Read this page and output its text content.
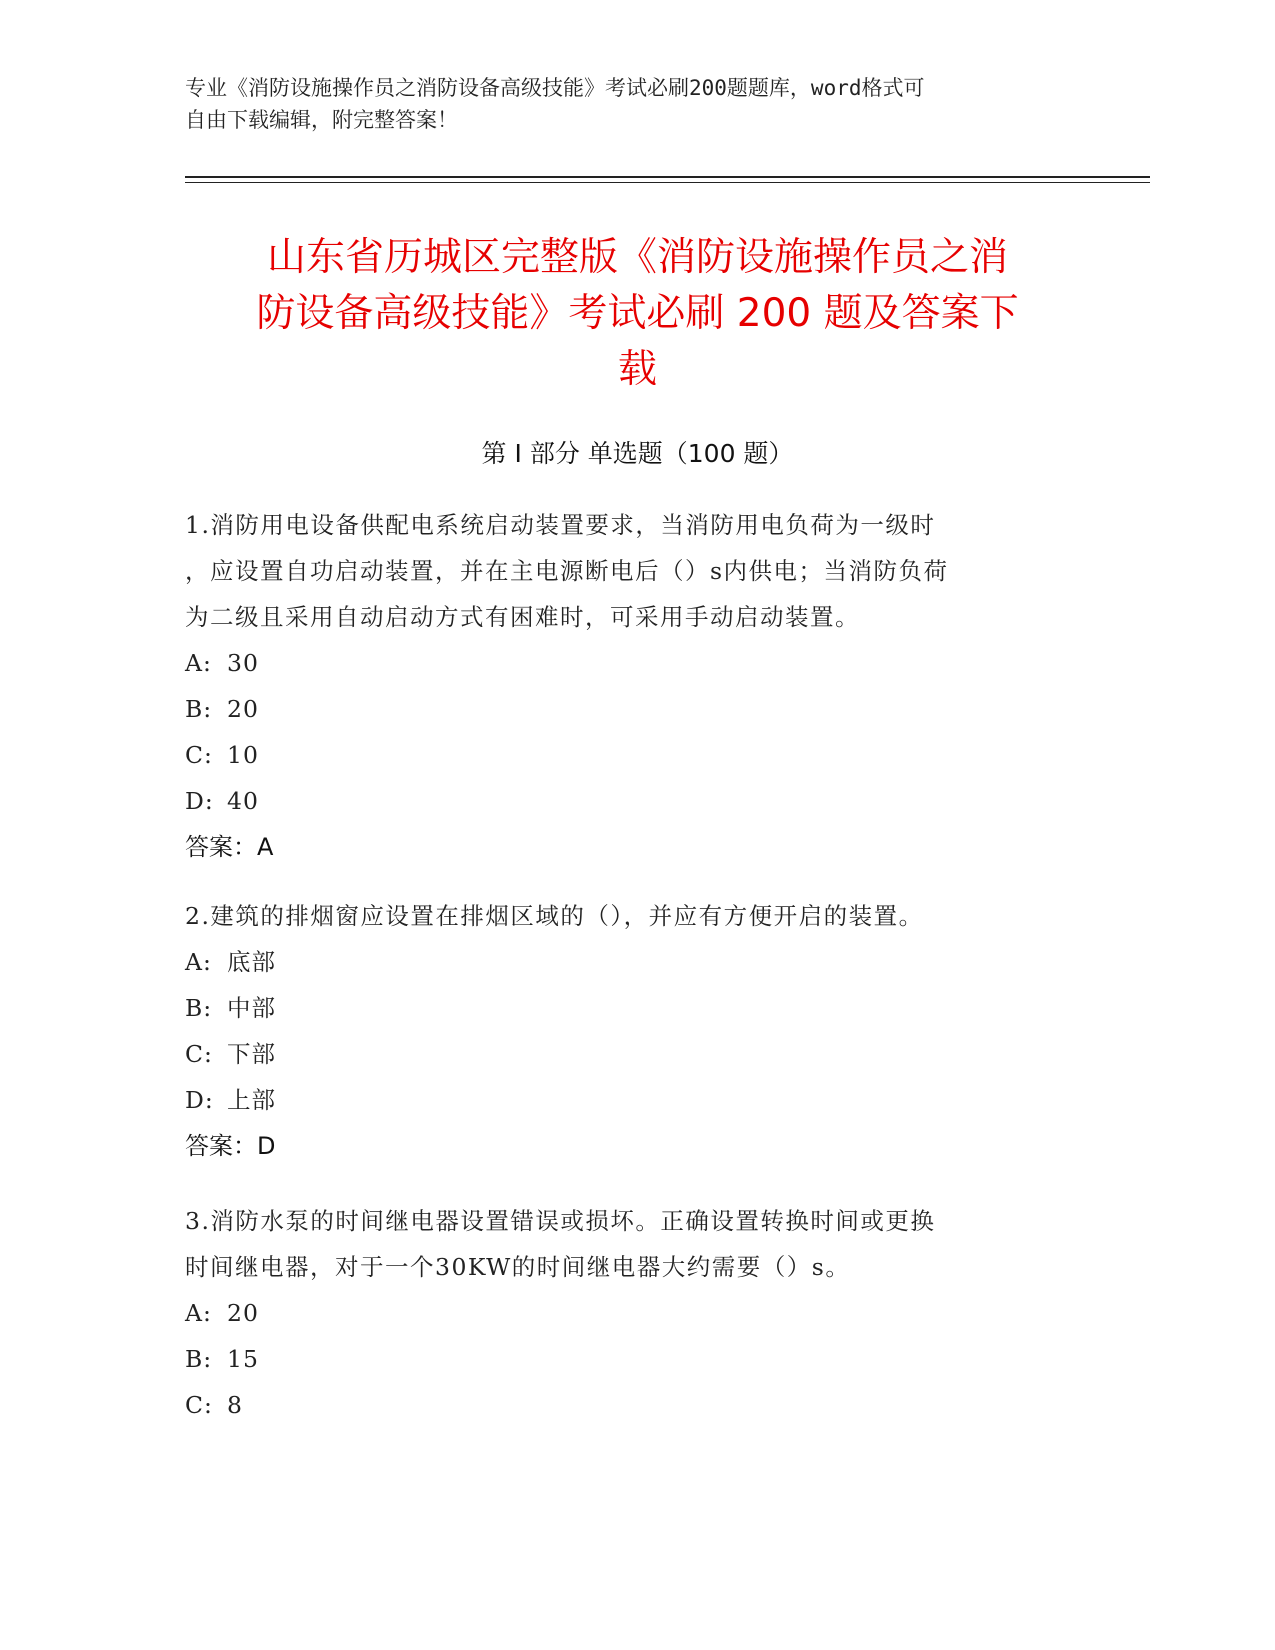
专业《消防设施操作员之消防设备高级技能》考试必刷200题题库，word格式可
自由下载编辑，附完整答案！
山东省历城区完整版《消防设施操作员之消
防设备高级技能》考试必刷 200 题及答案下
载
第 I 部分 单选题（100 题）
1.消防用电设备供配电系统启动装置要求，当消防用电负荷为一级时
，应设置自功启动装置，并在主电源断电后（）s内供电；当消防负荷
为二级且采用自动启动方式有困难时，可采用手动启动装置。
A: 30
B: 20
C: 10
D: 40
答案：A
2.建筑的排烟窗应设置在排烟区域的（），并应有方便开启的装置。
A: 底部
B: 中部
C: 下部
D: 上部
答案：D
3.消防水泵的时间继电器设置错误或损坏。正确设置转换时间或更换
时间继电器，对于一个30KW的时间继电器大约需要（）s。
A: 20
B: 15
C: 8
